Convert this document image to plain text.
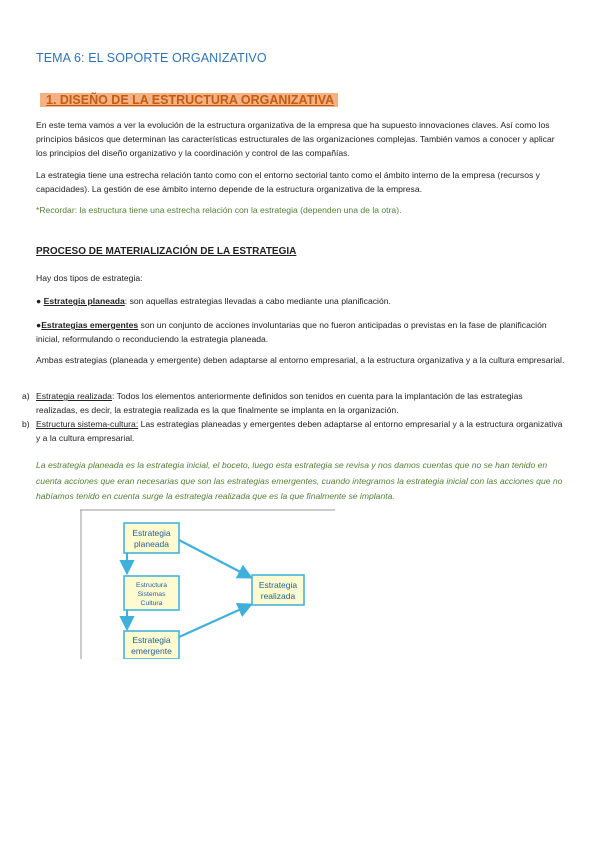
TEMA 6: EL SOPORTE ORGANIZATIVO
1. DISEÑO DE LA ESTRUCTURA ORGANIZATIVA
En este tema vamos a ver la evolución de la estructura organizativa de la empresa que ha supuesto innovaciones claves. Así como los principios básicos que determinan las características estructurales de las organizaciones complejas. También vamos a conocer y aplicar los principios del diseño organizativo y la coordinación y control de las compañías.
La estrategia tiene una estrecha relación tanto como con el entorno sectorial tanto como el ámbito interno de la empresa (recursos y capacidades). La gestión de ese ámbito interno depende de la estructura organizativa de la empresa.
*Recordar: la estructura tiene una estrecha relación con la estrategia (dependen una de la otra).
PROCESO DE MATERIALIZACIÓN DE LA ESTRATEGIA
Hay dos tipos de estrategia:
● Estrategia planeada: son aquellas estrategias llevadas a cabo mediante una planificación.
●Estrategias emergentes son un conjunto de acciones involuntarias que no fueron anticipadas o previstas en la fase de planificación inicial, reformulando o reconduciendo la estrategia planeada.
Ambas estrategias (planeada y emergente) deben adaptarse al entorno empresarial, a la estructura organizativa y a la cultura empresarial.
a) Estrategia realizada: Todos los elementos anteriormente definidos son tenidos en cuenta para la implantación de las estrategias realizadas, es decir, la estrategia realizada es la que finalmente se implanta en la organización.
b) Estructura sistema-cultura: Las estrategias planeadas y emergentes deben adaptarse al entorno empresarial y a la estructura organizativa y a la cultura empresarial.
La estrategia planeada es la estrategia inicial, el boceto, luego esta estrategia se revisa y nos damos cuentas que no se han tenido en cuenta acciones que eran necesarias que son las estrategias emergentes, cuando integramos la estrategia inicial con las acciones que no habíamos tenido en cuenta surge la estrategia realizada que es la que finalmente se implanta.
Estrategia
planeada
Estructura
Sistemas
Cultura
Estrategia
emergente
Estrategia
realizada
